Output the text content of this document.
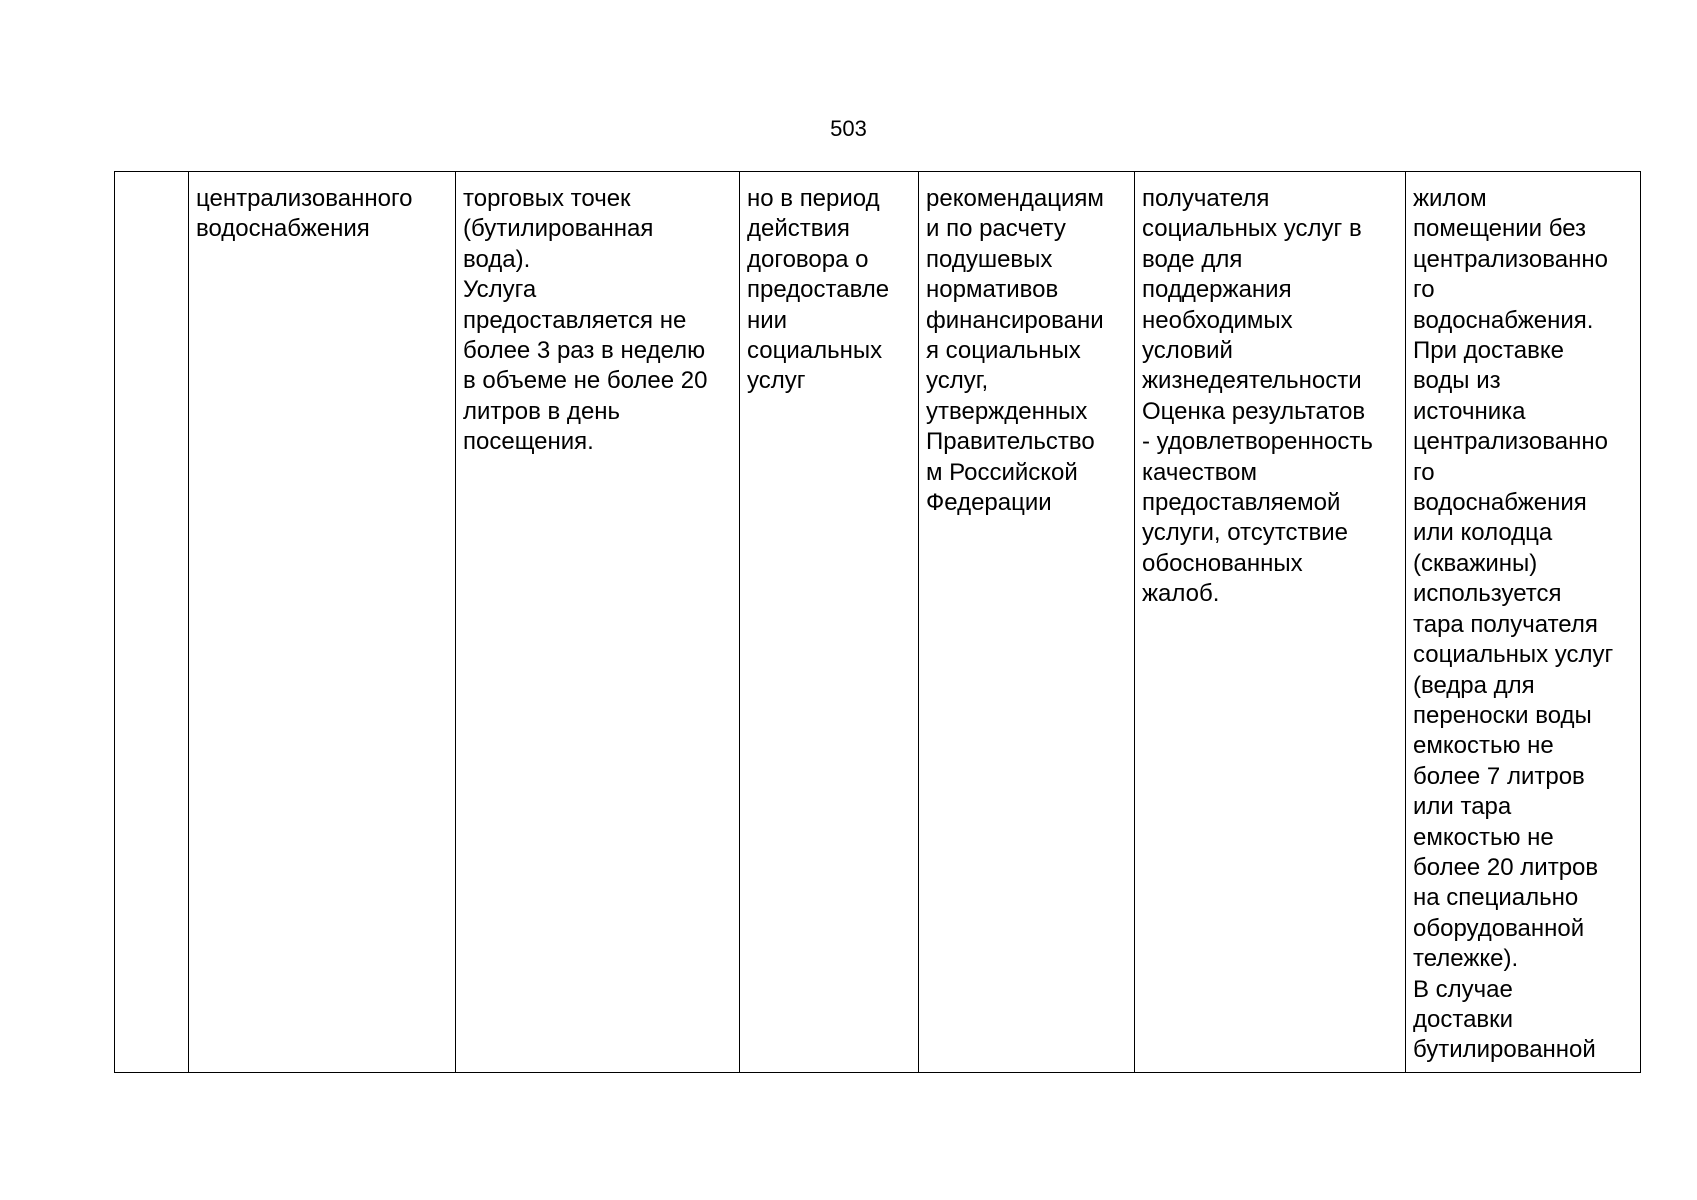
503
	централизованного
водоснабжения	торговых точек
(бутилированная
вода).
Услуга
предоставляется не
более 3 раз в неделю
в объеме не более 20
литров в день
посещения.	но в период
действия
договора о
предоставле
нии
социальных
услуг	рекомендациям
и по расчету
подушевых
нормативов
финансировани
я социальных
услуг,
утвержденных
Правительство
м Российской
Федерации	получателя
социальных услуг в
воде для
поддержания
необходимых
условий
жизнедеятельности
Оценка результатов
- удовлетворенность
качеством
предоставляемой
услуги, отсутствие
обоснованных
жалоб.	жилом
помещении без
централизованно
го
водоснабжения.
При доставке
воды из
источника
централизованно
го
водоснабжения
или колодца
(скважины)
используется
тара получателя
социальных услуг
(ведра для
переноски воды
емкостью не
более 7 литров
или тара
емкостью не
более 20 литров
на специально
оборудованной
тележке).
В случае
доставки
бутилированной
